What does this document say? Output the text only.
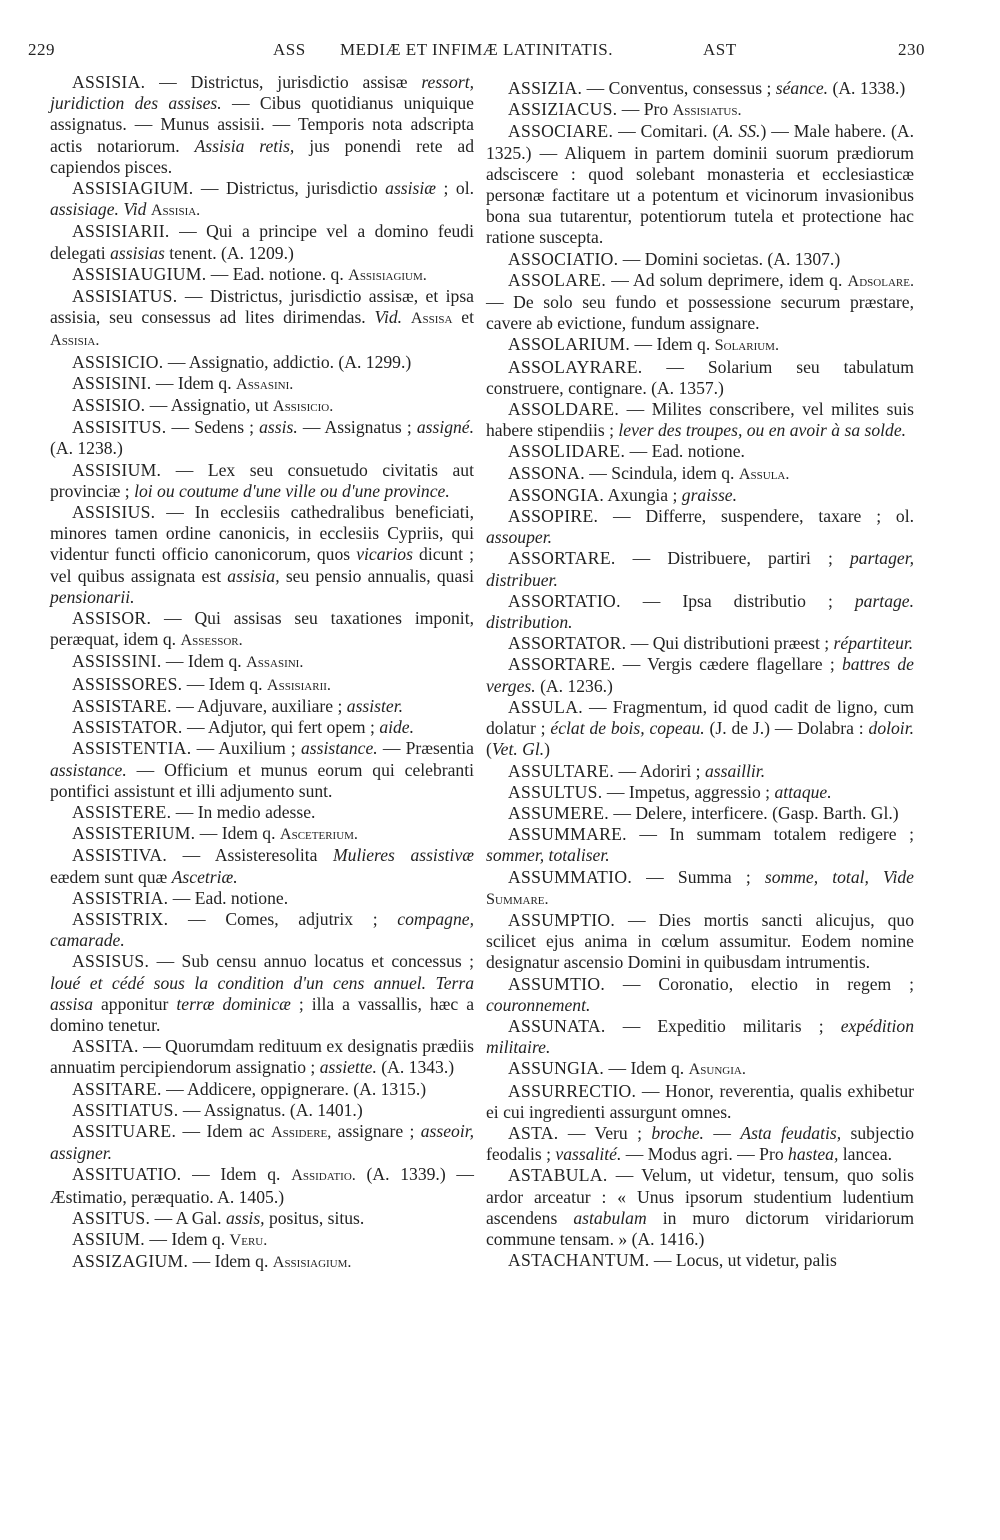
229	ASS MEDIÆ ET INFIMÆ LATINITATIS.	AST	230

ASSISIA. — Districtus, jurisdictio assisæ ressort, juridiction des assises. — Cibus quotidianus uniquique assignatus. — Munus assisii. — Temporis nota adscripta actis notariorum. Assisia retis, jus ponendi rete ad capiendos pisces.

ASSISIAGIUM. — Districtus, jurisdictio assisiæ ; ol. assisiage. Vid Assisia.

ASSISIARII. — Qui a principe vel a domino feudi delegati assisias tenent. (A. 1209.)

ASSISIAUGIUM. — Ead. notione. q. Assisiagium.

ASSISIATUS. — Districtus, jurisdictio assisæ, et ipsa assisia, seu consessus ad lites dirimendas. Vid. Assisa et Assisia.

ASSISICIO. — Assignatio, addictio. (A. 1299.)

ASSISINI. — Idem q. Assasini.

ASSISIO. — Assignatio, ut Assisicio.

ASSISITUS. — Sedens ; assis. — Assignatus ; assigné. (A. 1238.)

ASSISIUM. — Lex seu consuetudo civitatis aut provinciæ ; loi ou coutume d'une ville ou d'une province.

ASSISIUS. — In ecclesiis cathedralibus beneficiati, minores tamen ordine canonicis, in ecclesiis Cypriis, qui videntur functi officio canonicorum, quos vicarios dicunt ; vel quibus assignata est assisia, seu pensio annualis, quasi pensionarii.

ASSISOR. — Qui assisas seu taxationes imponit, peræquat, idem q. Assessor.

ASSISSINI. — Idem q. Assasini.

ASSISSORES. — Idem q. Assisiarii.

ASSISTARE. — Adjuvare, auxiliare ; assister.

ASSISTATOR. — Adjutor, qui fert opem ; aide.

ASSISTENTIA. — Auxilium ; assistance. — Præsentia assistance. — Officium et munus eorum qui celebranti pontifici assistunt et illi adjumento sunt.

ASSISTERE. — In medio adesse.

ASSISTERIUM. — Idem q. Asceterium.

ASSISTIVA. — Assisteresolita Mulieres assistivæ eædem sunt quæ Ascetriæ.

ASSISTRIA. — Ead. notione.

ASSISTRIX. — Comes, adjutrix ; compagne, camarade.

ASSISUS. — Sub censu annuo locatus et concessus ; loué et cédé sous la condition d'un cens annuel. Terra assisa apponitur terræ dominicæ ; illa a vassallis, hæc a domino tenetur.

ASSITA. — Quorumdam redituum ex designatis prædiis annuatim percipiendorum assignatio ; assiette. (A. 1343.)

ASSITARE. — Addicere, oppignerare. (A. 1315.)

ASSITIATUS. — Assignatus. (A. 1401.)

ASSITUARE. — Idem ac Assidere, assignare ; asseoir, assigner.

ASSITUATIO. — Idem q. Assidatio. (A. 1339.) — Æstimatio, peræquatio. A. 1405.)

ASSITUS. — A Gal. assis, positus, situs.

ASSIUM. — Idem q. Veru.

ASSIZAGIUM. — Idem q. Assisiagium.

ASSIZIA. — Conventus, consessus ; séance. (A. 1338.)

ASSIZIACUS. — Pro Assisiatus.

ASSOCIARE. — Comitari. (A. SS.) — Male habere. (A. 1325.) — Aliquem in partem dominii suorum prædiorum adsciscere : quod solebant monasteria et ecclesiasticæ personæ factitare ut a potentum et vicinorum invasionibus bona sua tutarentur, potentiorum tutela et protectione hac ratione suscepta.

ASSOCIATIO. — Domini societas. (A. 1307.)

ASSOLARE. — Ad solum deprimere, idem q. Adsolare. — De solo seu fundo et possessione securum præstare, cavere ab evictione, fundum assignare.

ASSOLARIUM. — Idem q. Solarium.

ASSOLAYRARE. — Solarium seu tabulatum construere, contignare. (A. 1357.)

ASSOLDARE. — Milites conscribere, vel milites suis habere stipendiis ; lever des troupes, ou en avoir à sa solde.

ASSOLIDARE. — Ead. notione.

ASSONA. — Scindula, idem q. Assula.

ASSONGIA. Axungia ; graisse.

ASSOPIRE. — Differre, suspendere, taxare ; ol. assouper.

ASSORTARE. — Distribuere, partiri ; partager, distribuer.

ASSORTATIO. — Ipsa distributio ; partage. distribution.

ASSORTATOR. — Qui distributioni præest ; répartiteur.

ASSORTARE. — Vergis cædere flagellare ; battres de verges. (A. 1236.)

ASSULA. — Fragmentum, id quod cadit de ligno, cum dolatur ; éclat de bois, copeau. (J. de J.) — Dolabra : doloir. (Vet. Gl.)

ASSULTARE. — Adoriri ; assaillir.

ASSULTUS. — Impetus, aggressio ; attaque.

ASSUMERE. — Delere, interficere. (Gasp. Barth. Gl.)

ASSUMMARE. — In summam totalem redigere ; sommer, totaliser.

ASSUMMATIO. — Summa ; somme, total, Vide Summare.

ASSUMPTIO. — Dies mortis sancti alicujus, quo scilicet ejus anima in cœlum assumitur. Eodem nomine designatur ascensio Domini in quibusdam intrumentis.

ASSUMTIO. — Coronatio, electio in regem ; couronnement.

ASSUNATA. — Expeditio militaris ; expédition militaire.

ASSUNGIA. — Idem q. Asungia.

ASSURRECTIO. — Honor, reverentia, qualis exhibetur ei cui ingredienti assurgunt omnes.

ASTA. — Veru ; broche. — Asta feudatis, subjectio feodalis ; vassalité. — Modus agri. — Pro hastea, lancea.

ASTABULA. — Velum, ut videtur, tensum, quo solis ardor arceatur : « Unus ipsorum studentium ludentium ascendens astabulam in muro dictorum viridariorum commune tensam. » (A. 1416.)

ASTACHANTUM. — Locus, ut videtur, palis
